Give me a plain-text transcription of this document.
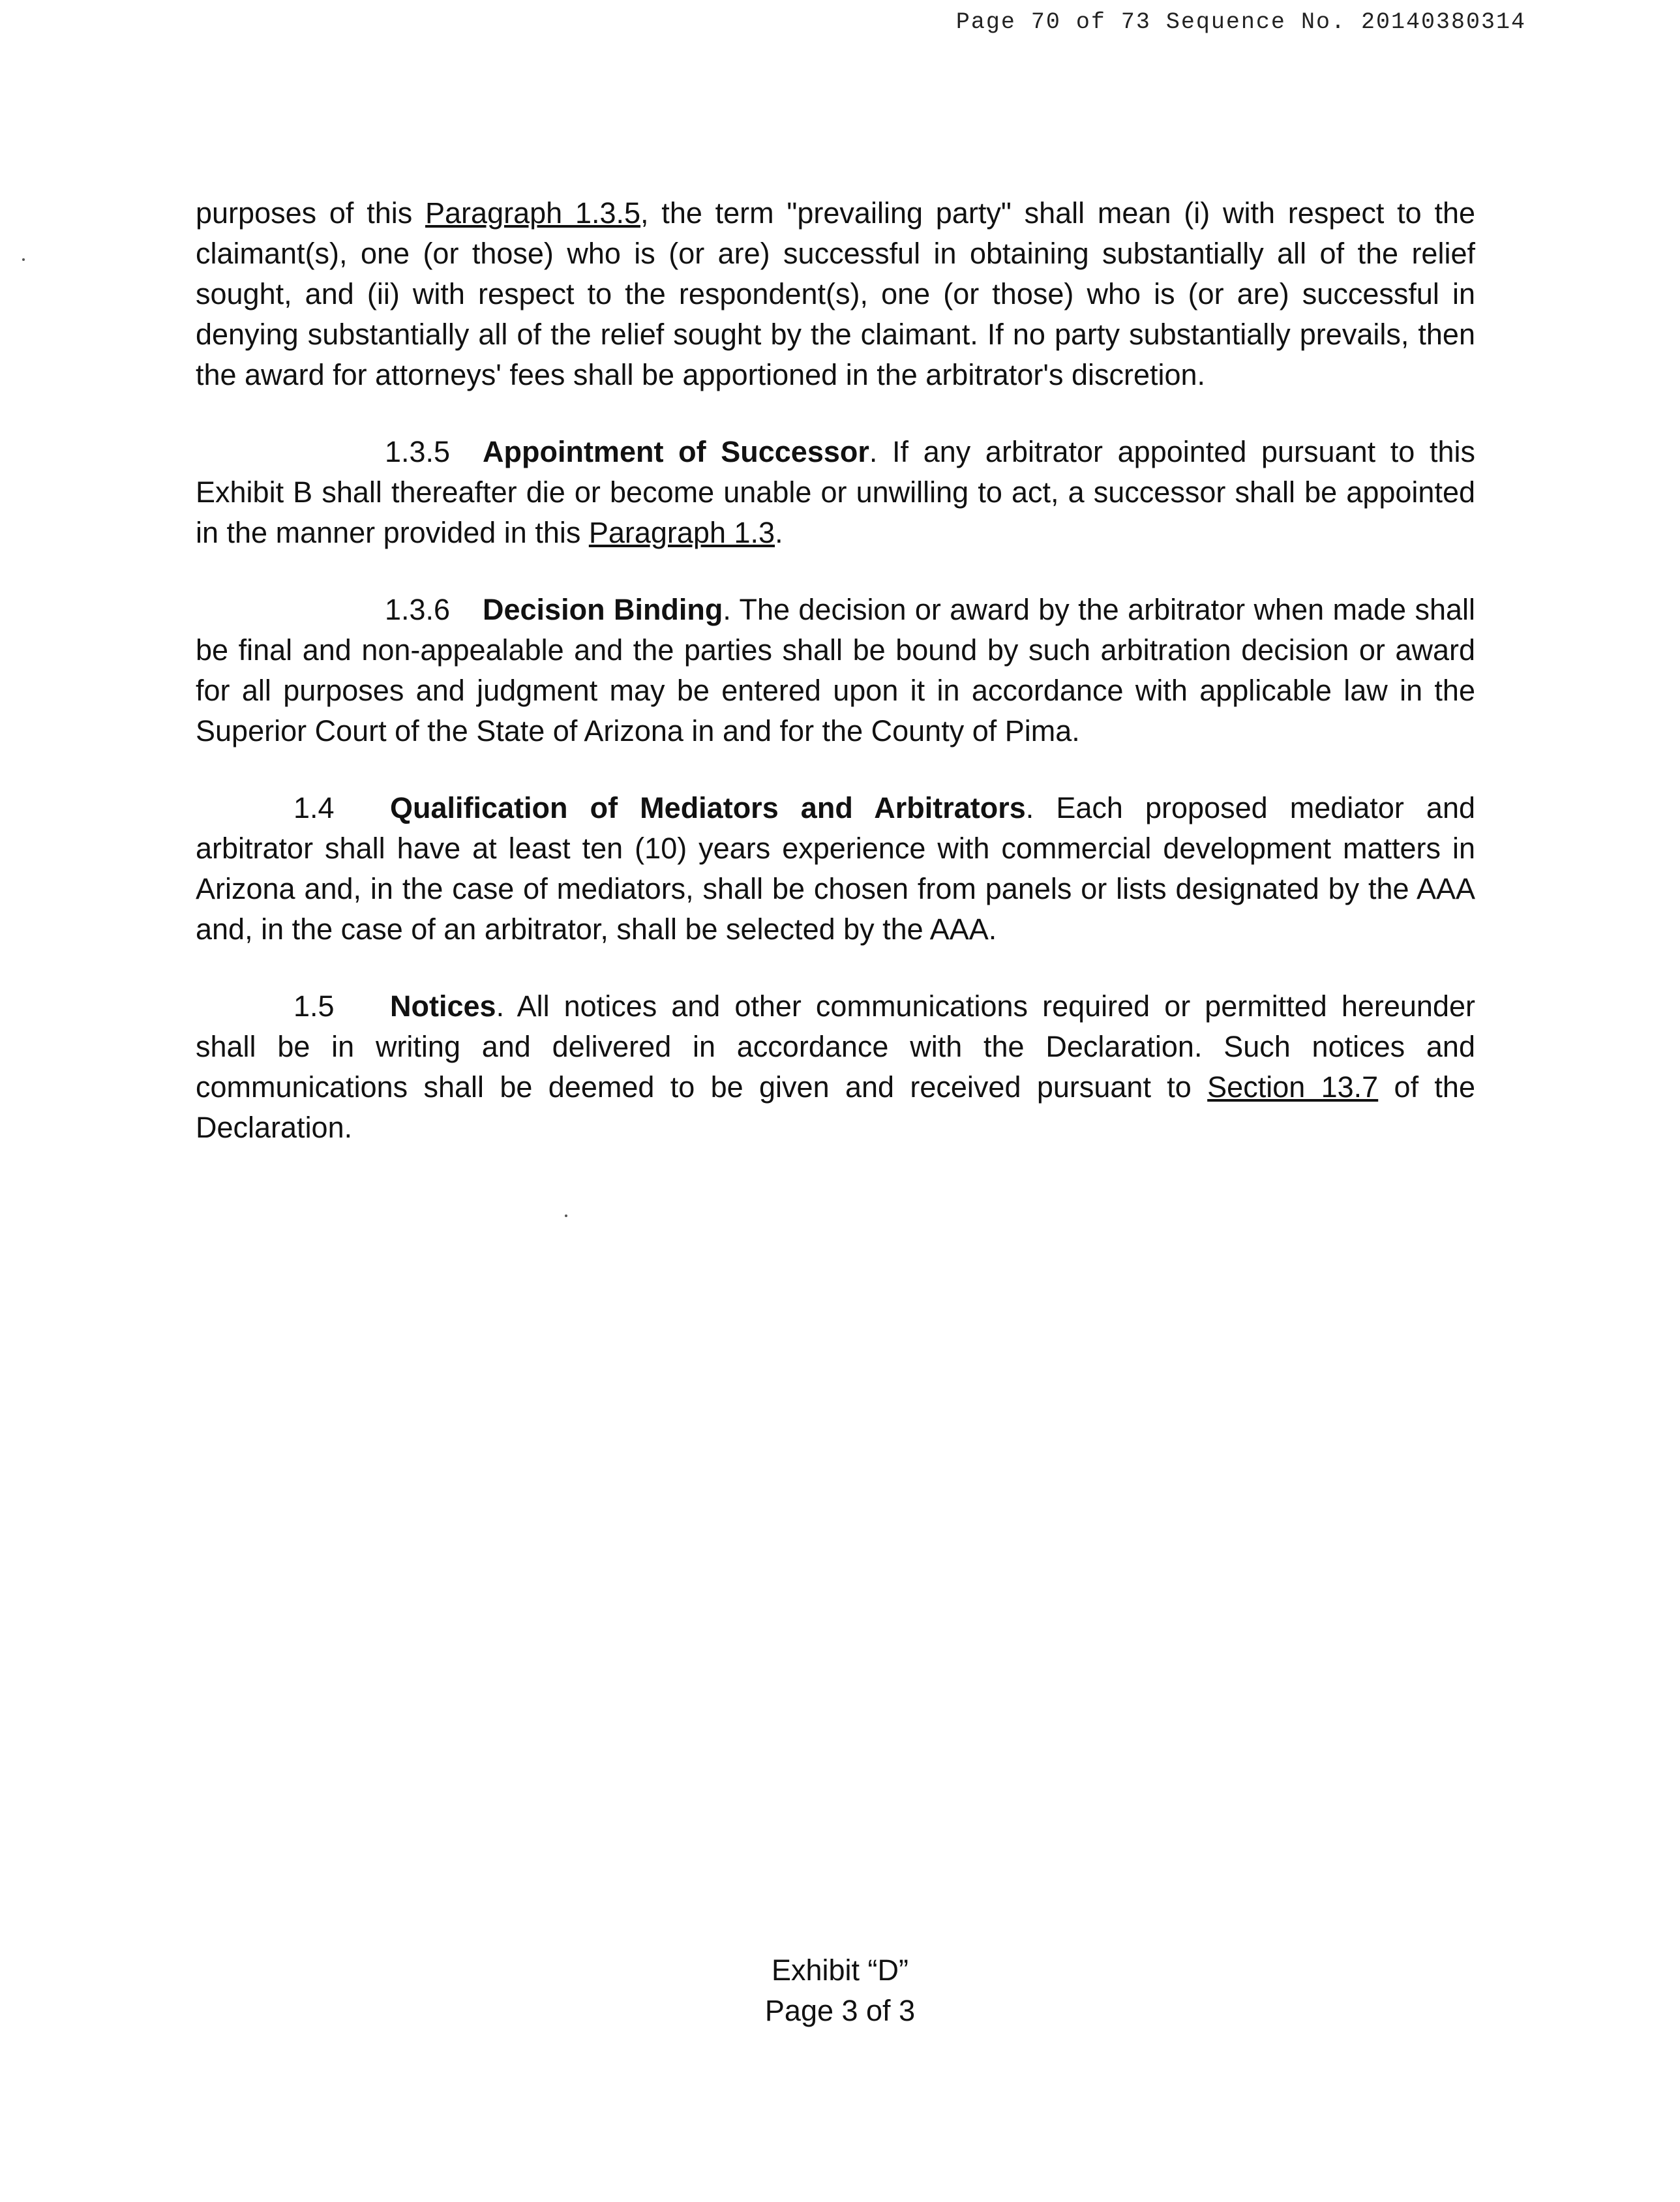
Page 70 of 73 Sequence No. 20140380314

purposes of this Paragraph 1.3.5, the term "prevailing party" shall mean (i) with respect to the claimant(s), one (or those) who is (or are) successful in obtaining substantially all of the relief sought, and (ii) with respect to the respondent(s), one (or those) who is (or are) successful in denying substantially all of the relief sought by the claimant. If no party substantially prevails, then the award for attorneys' fees shall be apportioned in the arbitrator's discretion.

1.3.5 Appointment of Successor. If any arbitrator appointed pursuant to this Exhibit B shall thereafter die or become unable or unwilling to act, a successor shall be appointed in the manner provided in this Paragraph 1.3.

1.3.6 Decision Binding. The decision or award by the arbitrator when made shall be final and non-appealable and the parties shall be bound by such arbitration decision or award for all purposes and judgment may be entered upon it in accordance with applicable law in the Superior Court of the State of Arizona in and for the County of Pima.

1.4 Qualification of Mediators and Arbitrators. Each proposed mediator and arbitrator shall have at least ten (10) years experience with commercial development matters in Arizona and, in the case of mediators, shall be chosen from panels or lists designated by the AAA and, in the case of an arbitrator, shall be selected by the AAA.

1.5 Notices. All notices and other communications required or permitted hereunder shall be in writing and delivered in accordance with the Declaration. Such notices and communications shall be deemed to be given and received pursuant to Section 13.7 of the Declaration.

Exhibit “D”
Page 3 of 3
